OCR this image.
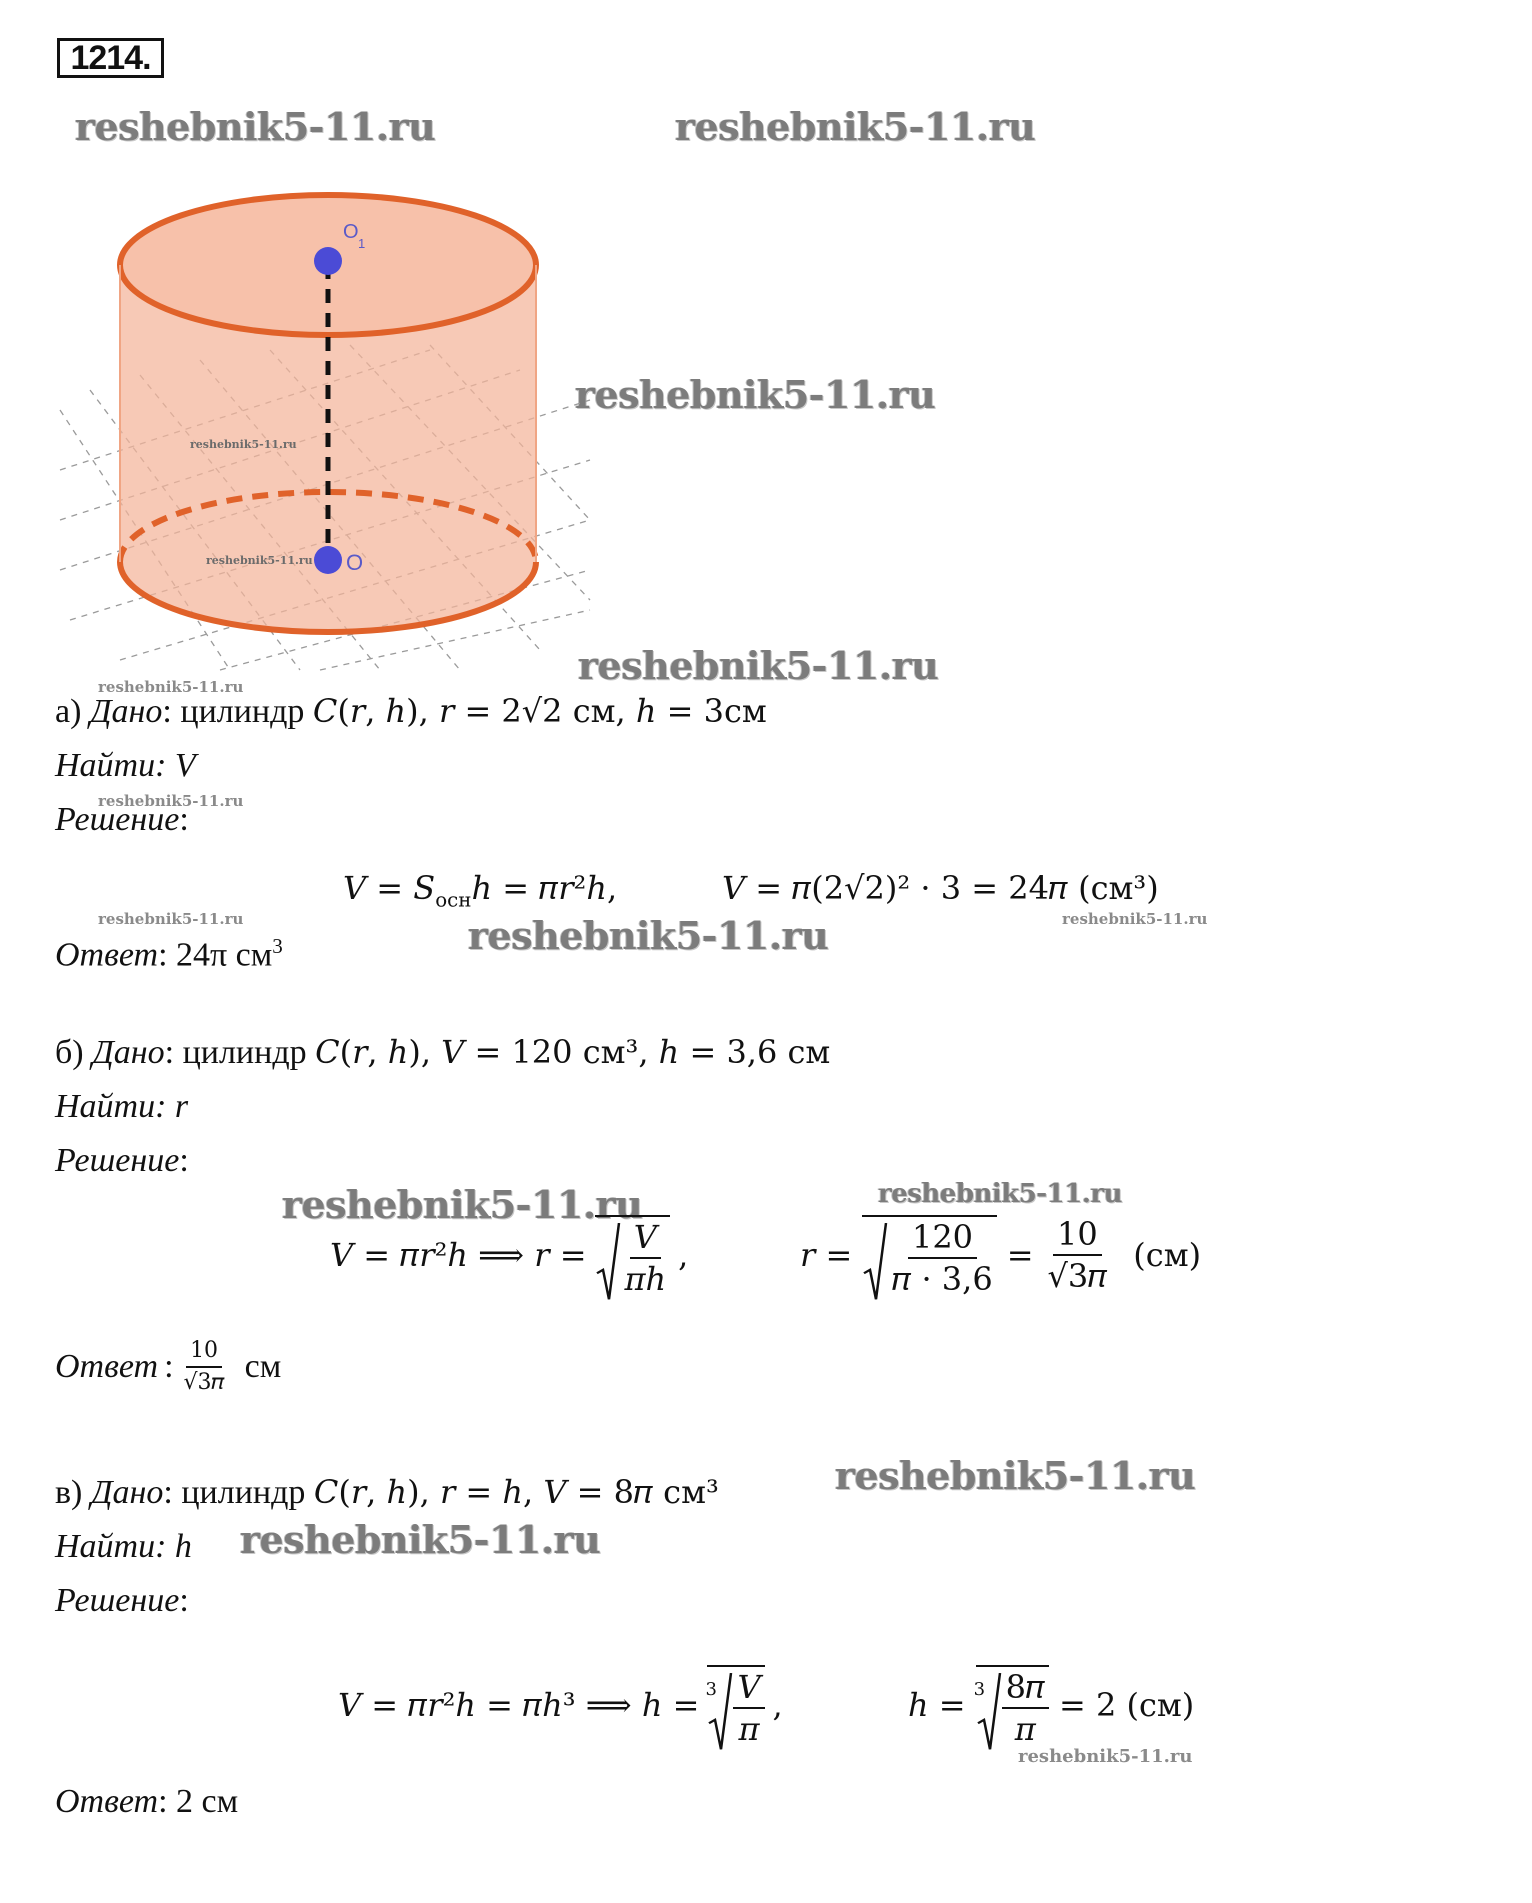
1214.
reshebnik5-11.ru	reshebnik5-11.ru
reshebnik5-11.ru
reshebnik5-11.ru
reshebnik5-11.ru
reshebnik5-11.ru
reshebnik5-11.ru
reshebnik5-11.ru
reshebnik5-11.ru
reshebnik5-11.ru
reshebnik5-11.ru	reshebnik5-11.ru
reshebnik5-11.ru
reshebnik5-11.ru
O
1
O
reshebnik5-11.ru
reshebnik5-11.ru
а) Дано: цилиндр 𝐶(𝑟, ℎ), 𝑟 = 2√2 см, ℎ = 3см
Найти: V
Решение:
𝑉 = 𝑆$_{осн}$ℎ = 𝜋𝑟²ℎ,	𝑉 = 𝜋(2√2)² · 3 = 24𝜋 (см³)
Ответ: 24π $см^3$
б) Дано: цилиндр 𝐶(𝑟, ℎ), 𝑉 = 120 см³, ℎ = 3,6 см
Найти: r
Решение:
𝑉 = 𝜋𝑟²ℎ ⟹ 𝑟 = $\frac{\text{𝑉}}{\text{𝜋ℎ}}$ ,	𝑟 = $\frac{120}{\text{𝜋 · 3,6}} = \frac{10}{\text{√3𝜋}} (см)$
Ответ : $\frac{10}{\text{√3𝜋}}$ см
в) Дано: цилиндр 𝐶(𝑟, ℎ), 𝑟 = ℎ, 𝑉 = 8𝜋 см³
Найти: h
Решение:
𝑉 = 𝜋𝑟²ℎ = 𝜋ℎ³ ⟹ ℎ = $3 \frac{\text{𝑉}}{\text{𝜋}}$ ,	ℎ = $3 \frac{\text{8𝜋}}{\text{𝜋}} = 2$ (см)
Ответ: 2 см
